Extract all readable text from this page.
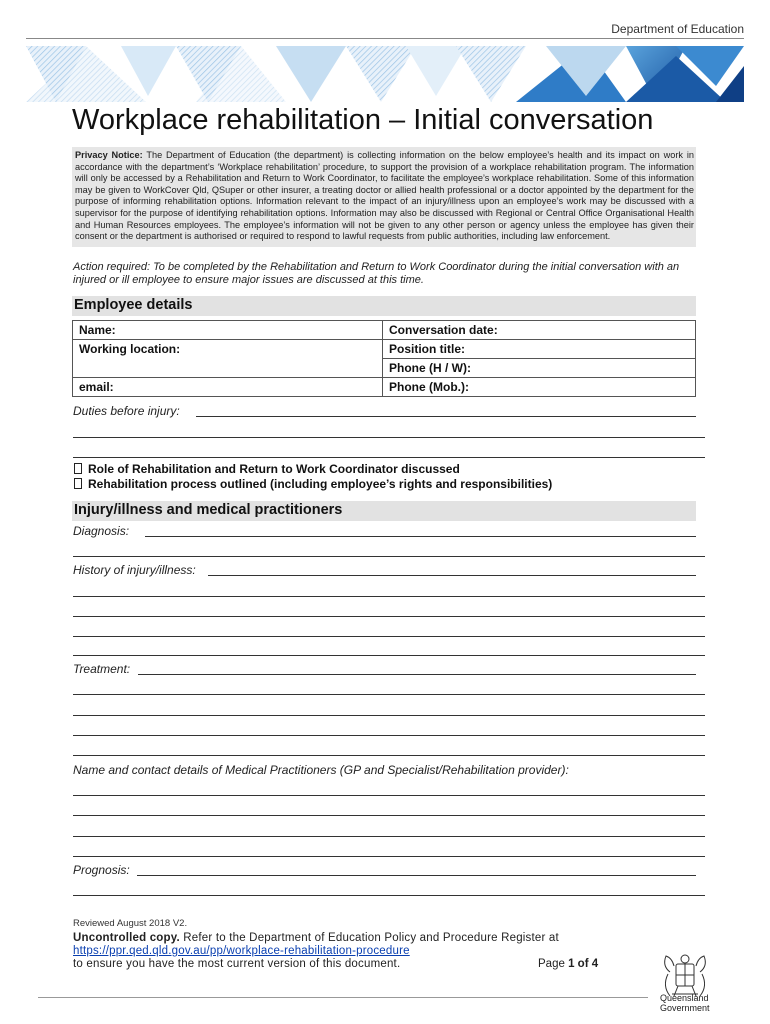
Department of Education
Workplace rehabilitation – Initial conversation
Privacy Notice: The Department of Education (the department) is collecting information on the below employee’s health and its impact on work in accordance with the department’s ‘Workplace rehabilitation’ procedure, to support the provision of a workplace rehabilitation program. The information will only be accessed by a Rehabilitation and Return to Work Coordinator, to facilitate the employee’s workplace rehabilitation. Some of this information may be given to WorkCover Qld, QSuper or other insurer, a treating doctor or allied health professional or a doctor appointed by the department for the purpose of informing rehabilitation options. Information relevant to the impact of an injury/illness upon an employee’s work may be discussed with a supervisor for the purpose of identifying rehabilitation options. Information may also be discussed with Regional or Central Office Organisational Health and Human Resources employees. The employee’s information will not be given to any other person or agency unless the employee has given their consent or the department is authorised or required to respond to lawful requests from public authorities, including law enforcement.
Action required: To be completed by the Rehabilitation and Return to Work Coordinator during the initial conversation with an injured or ill employee to ensure major issues are discussed at this time.
Employee details
Name:	Conversation date:
Working location:	Position title:
	Phone (H / W):
email:	Phone (Mob.):
Duties before injury:
Role of Rehabilitation and Return to Work Coordinator discussed
Rehabilitation process outlined (including employee’s rights and responsibilities)
Injury/illness and medical practitioners
Diagnosis:
History of injury/illness:
Treatment:
Name and contact details of Medical Practitioners (GP and Specialist/Rehabilitation provider):
Prognosis:
Reviewed August 2018 V2.
Uncontrolled copy. Refer to the Department of Education Policy and Procedure Register at
https://ppr.qed.qld.gov.au/pp/workplace-rehabilitation-procedure
to ensure you have the most current version of this document.	Page 1 of 4
Queensland
Government
